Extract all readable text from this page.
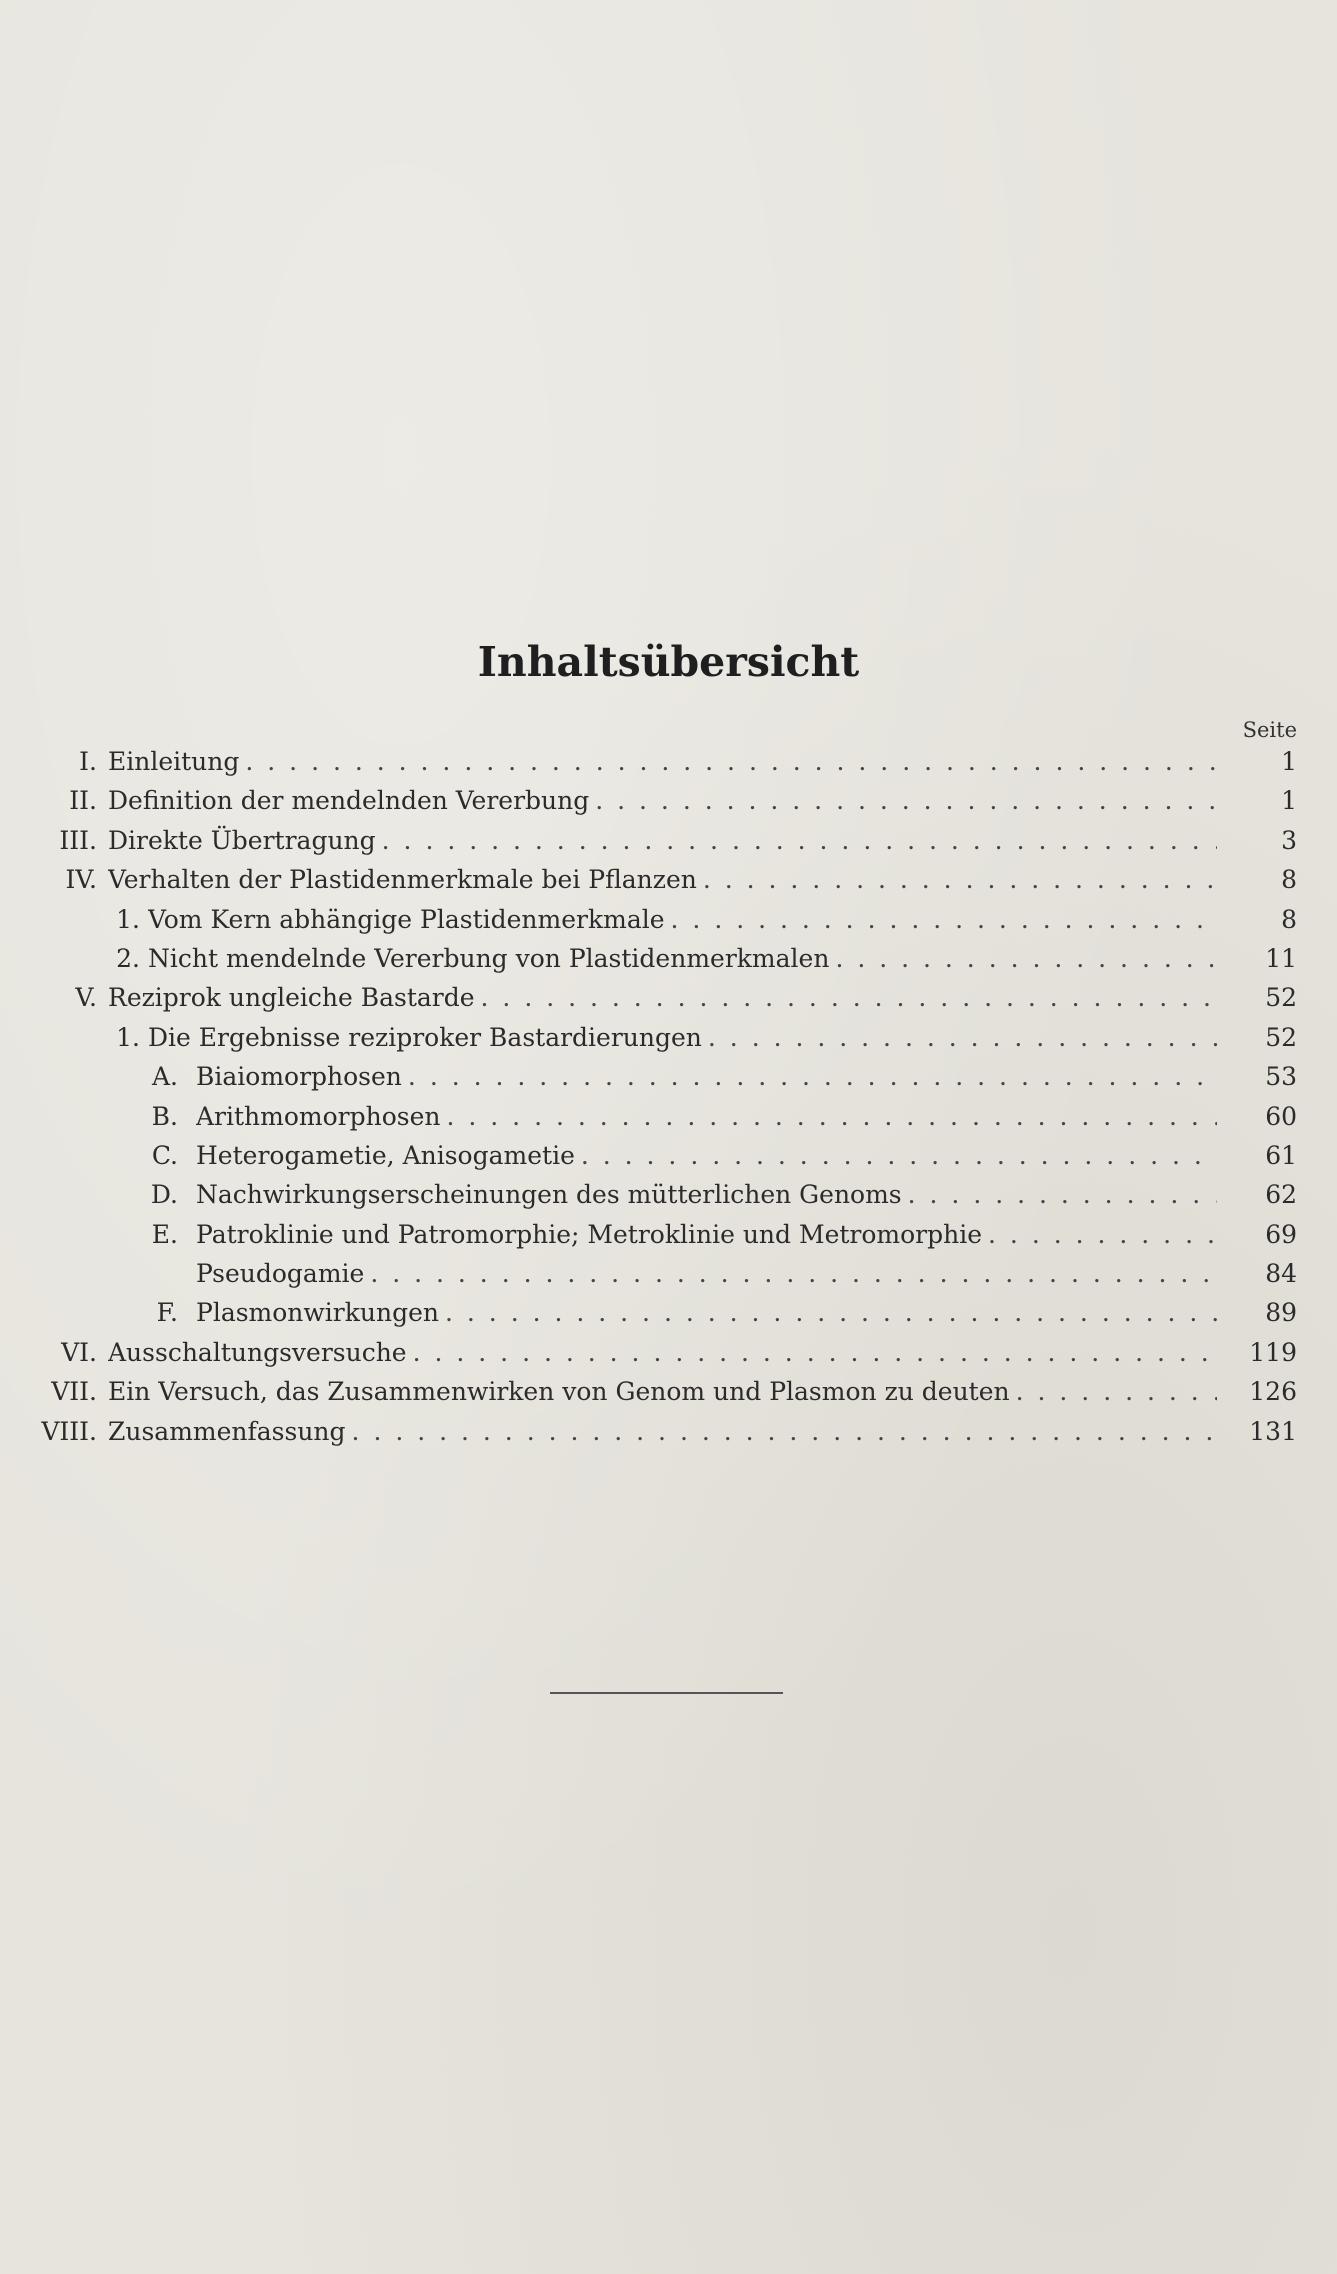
Inhaltsübersicht
Seite
I. Einleitung . . .	1
II. Definition der mendelnden Vererbung . . .	1
III. Direkte Übertragung . . .	3
IV. Verhalten der Plastidenmerkmale bei Pflanzen . . .	8
1. Vom Kern abhängige Plastidenmerkmale . . .	8
2. Nicht mendelnde Vererbung von Plastidenmerkmalen . . .	11
V. Reziprok ungleiche Bastarde . . .	52
1. Die Ergebnisse reziproker Bastardierungen . . .	52
A. Biaiomorphosen . . .	53
B. Arithmomorphosen . . .	60
C. Heterogametie, Anisogametie . . .	61
D. Nachwirkungserscheinungen des mütterlichen Genoms . . .	62
E. Patroklinie und Patromorphie; Metroklinie und Metromorphie . . .	69
Pseudogamie . . .	84
F. Plasmonwirkungen . . .	89
VI. Ausschaltungsversuche . . .	119
VII. Ein Versuch, das Zusammenwirken von Genom und Plasmon zu deuten . . .	126
VIII. Zusammenfassung . . .	131
